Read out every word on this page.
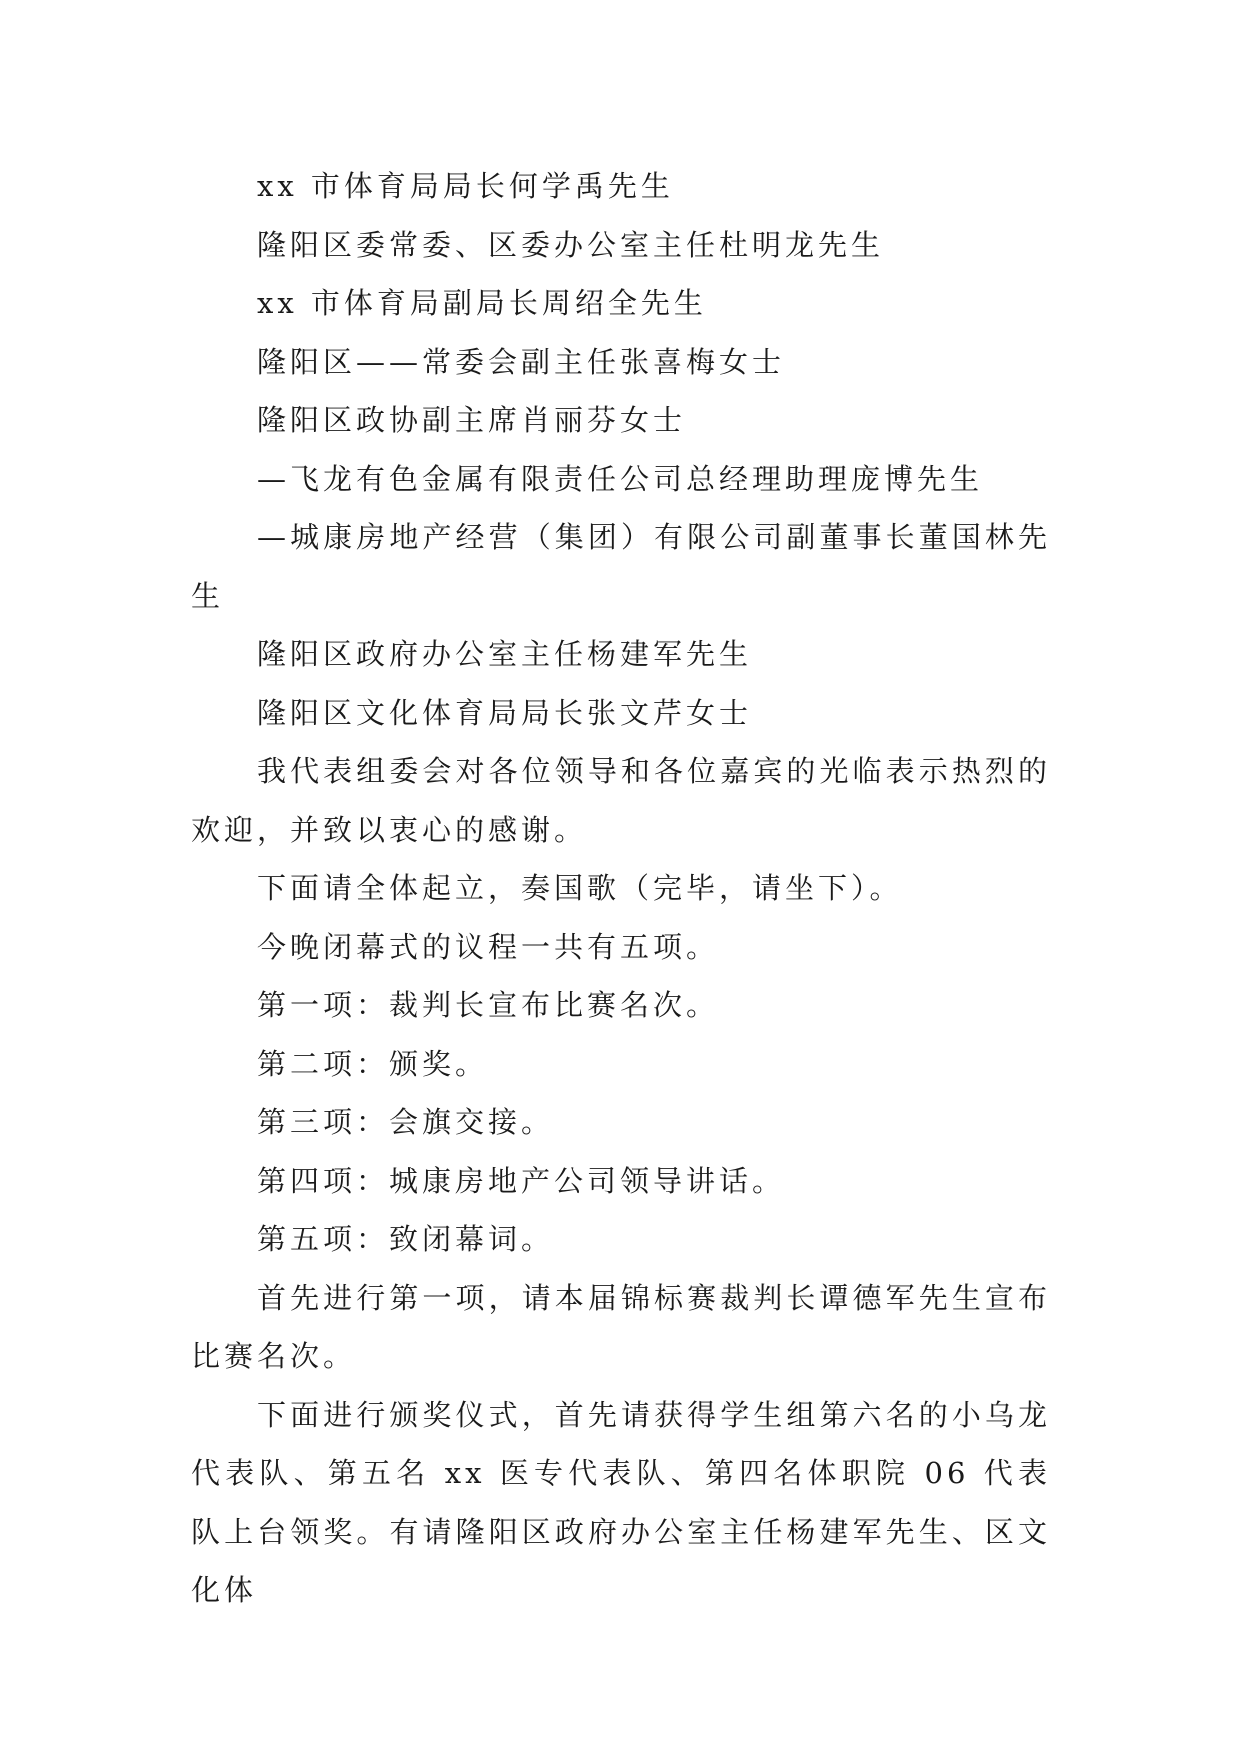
xx 市体育局局长何学禹先生

隆阳区委常委、区委办公室主任杜明龙先生

xx 市体育局副局长周绍全先生

隆阳区——常委会副主任张喜梅女士

隆阳区政协副主席肖丽芬女士

—飞龙有色金属有限责任公司总经理助理庞博先生

—城康房地产经营（集团）有限公司副董事长董国林先生

隆阳区政府办公室主任杨建军先生

隆阳区文化体育局局长张文芹女士

我代表组委会对各位领导和各位嘉宾的光临表示热烈的欢迎，并致以衷心的感谢。

下面请全体起立，奏国歌（完毕，请坐下）。

今晚闭幕式的议程一共有五项。

第一项：裁判长宣布比赛名次。

第二项：颁奖。

第三项：会旗交接。

第四项：城康房地产公司领导讲话。

第五项：致闭幕词。

首先进行第一项，请本届锦标赛裁判长谭德军先生宣布比赛名次。

下面进行颁奖仪式，首先请获得学生组第六名的小乌龙代表队、第五名 xx 医专代表队、第四名体职院 06 代表队上台领奖。有请隆阳区政府办公室主任杨建军先生、区文化体
